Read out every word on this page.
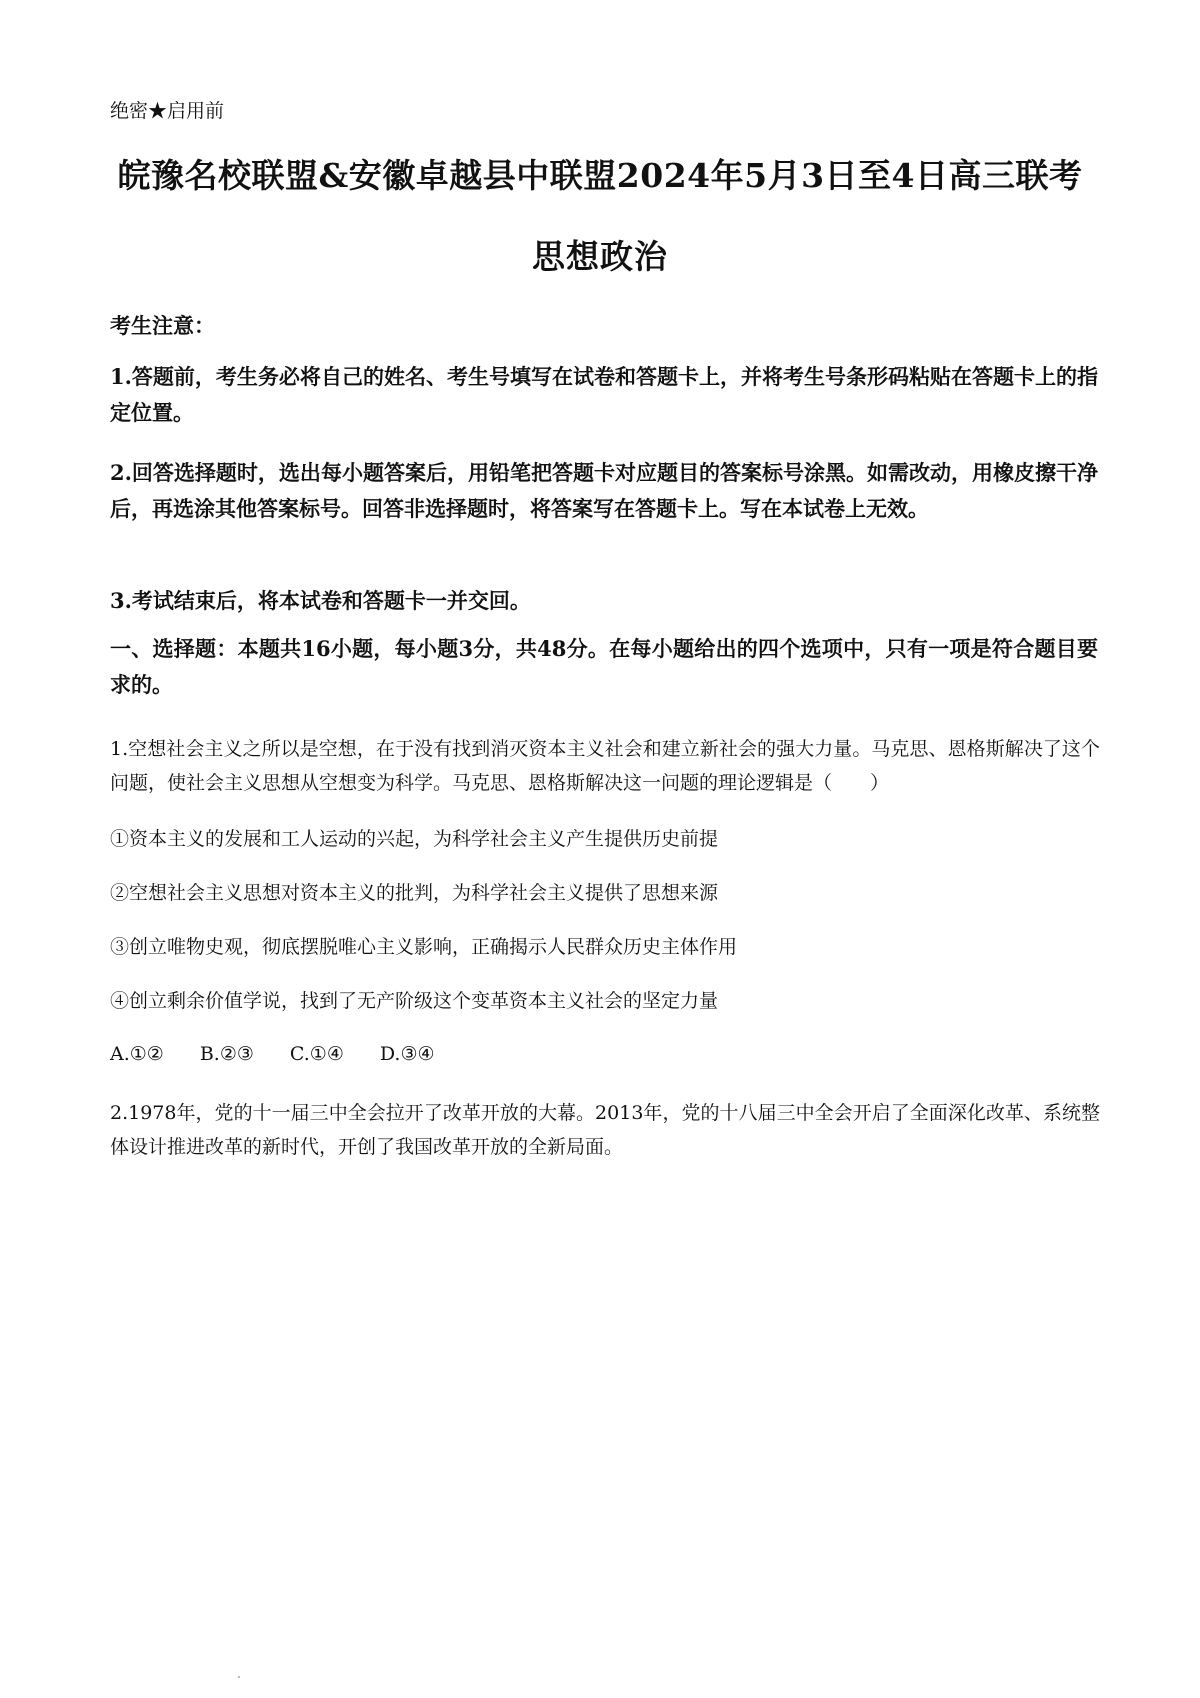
绝密★启用前
皖豫名校联盟&安徽卓越县中联盟2024年5月3日至4日高三联考
思想政治
考生注意：
1.答题前，考生务必将自己的姓名、考生号填写在试卷和答题卡上，并将考生号条形码粘贴在答题卡上的指定位置。
2.回答选择题时，选出每小题答案后，用铅笔把答题卡对应题目的答案标号涂黑。如需改动，用橡皮擦干净后，再选涂其他答案标号。回答非选择题时，将答案写在答题卡上。写在本试卷上无效。
3.考试结束后，将本试卷和答题卡一并交回。
一、选择题：本题共16小题，每小题3分，共48分。在每小题给出的四个选项中，只有一项是符合题目要求的。
1.空想社会主义之所以是空想，在于没有找到消灭资本主义社会和建立新社会的强大力量。马克思、恩格斯解决了这个问题，使社会主义思想从空想变为科学。马克思、恩格斯解决这一问题的理论逻辑是（　　）
①资本主义的发展和工人运动的兴起，为科学社会主义产生提供历史前提
②空想社会主义思想对资本主义的批判，为科学社会主义提供了思想来源
③创立唯物史观，彻底摆脱唯心主义影响，正确揭示人民群众历史主体作用
④创立剩余价值学说，找到了无产阶级这个变革资本主义社会的坚定力量
A.①② B.②③ C.①④ D.③④
2.1978年，党的十一届三中全会拉开了改革开放的大幕。2013年，党的十八届三中全会开启了全面深化改革、系统整体设计推进改革的新时代，开创了我国改革开放的全新局面。
